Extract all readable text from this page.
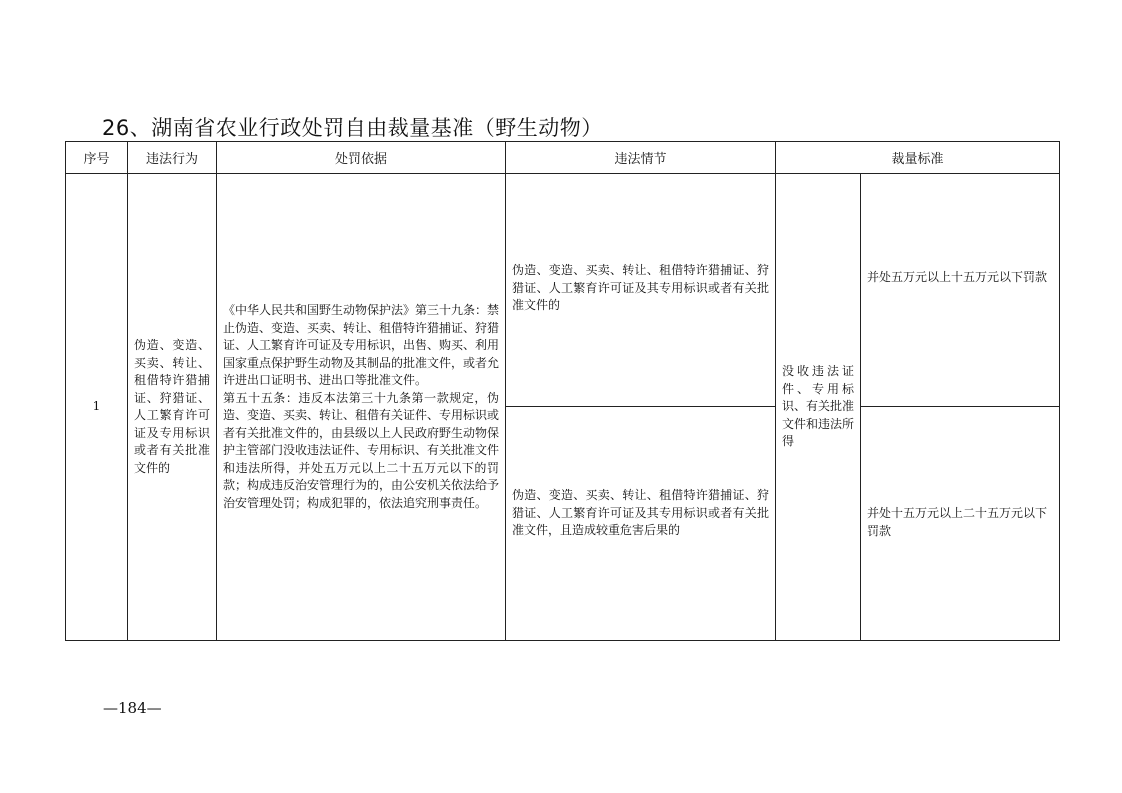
26、湖南省农业行政处罚自由裁量基准（野生动物）
序号	违法行为	处罚依据	违法情节	裁量标准	
1	伪造、变造、买卖、转让、租借特许猎捕证、狩猎证、人工繁育许可证及专用标识或者有关批准文件的	《中华人民共和国野生动物保护法》第三十九条：禁止伪造、变造、买卖、转让、租借特许猎捕证、狩猎证、人工繁育许可证及专用标识，出售、购买、利用国家重点保护野生动物及其制品的批准文件，或者允许进出口证明书、进出口等批准文件。
第五十五条：违反本法第三十九条第一款规定，伪造、变造、买卖、转让、租借有关证件、专用标识或者有关批准文件的，由县级以上人民政府野生动物保护主管部门没收违法证件、专用标识、有关批准文件和违法所得，并处五万元以上二十五万元以下的罚款；构成违反治安管理行为的，由公安机关依法给予治安管理处罚；构成犯罪的，依法追究刑事责任。	伪造、变造、买卖、转让、租借特许猎捕证、狩猎证、人工繁育许可证及其专用标识或者有关批准文件的	没收违法证件、专用标识、有关批准文件和违法所得	并处五万元以上十五万元以下罚款

			伪造、变造、买卖、转让、租借特许猎捕证、狩猎证、人工繁育许可证及其专用标识或者有关批准文件，且造成较重危害后果的		并处十五万元以上二十五万元以下罚款
—184—
